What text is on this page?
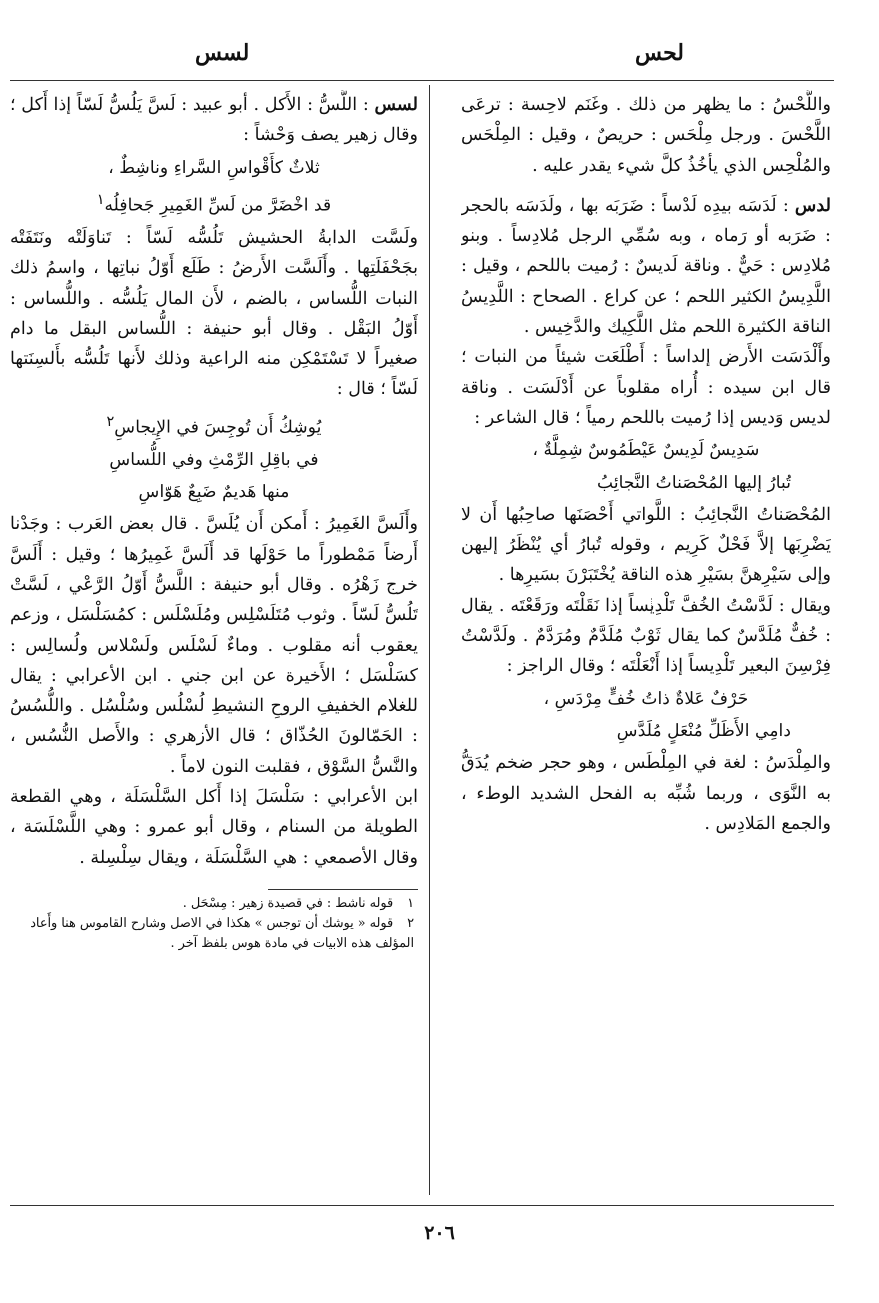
لحس
لسس

واللَّحْسُ : ما يظهر من ذلك . وغَنَم لاحِسة : ترعَى اللَّحْسَ . ورجل مِلْحَس : حريصٌ ، وقيل : المِلْحَس والمُلْحِس الذي يأخُذُ كلَّ شيء يقدر عليه .

لدس : لَدَسَه بيدِه لَدْساً : ضَرَبَه بها ، ولَدَسَه بالحجر : ضَرَبه أو رَماه ، وبه سُمِّي الرجل مُلادِساً . وبنو مُلادِس : حَيٌّ . وناقة لَديسٌ : رُميت باللحم ، وقيل : اللَّدِيسُ الكثير اللحم ؛ عن كراع . الصحاح : اللَّدِيسُ الناقة الكثيرة اللحم مثل اللَّكِيك والدَّخِيس .

وأَلْدَسَت الأَرض إلداساً : أَطْلَعَت شيئاً من النبات ؛ قال ابن سيده : أُراه مقلوباً عن أَدْلَسَت . وناقة لديس وَديس إذا رُميت باللحم رمياً ؛ قال الشاعر :

سَدِيسٌ لَدِيسٌ عَيْطَمُوسٌ شِمِلَّةٌ ،
تُبارُ إليها المُحْصَناتُ النَّجائِبُ

المُحْصَناتُ النَّجائِبُ : اللَّواتي أَحْصَنَها صاحِبُها أَن لا يَضْرِبَها إلاَّ فَحْلٌ كَرِيم ، وقوله تُبارُ أي يُنْظَرُ إليهن وإلى سَيْرِهنَّ بسَيْرِ هذه الناقة يُخْتَبَرْنَ بسَيرِها .

ويقال : لَدَّسْتُ الخُفَّ تَلْدِيساً إذا نَقَلْتَه ورَقَعْتَه . يقال : خُفٌّ مُلَدَّسٌ كما يقال ثَوْبٌ مُلَدَّمٌ ومُرَدَّمٌ . ولَدَّسْتُ فِرْسِنَ البعير تَلْدِيساً إذا أَنْعَلْتَه ؛ وقال الراجز :

حَرْفٌ عَلاةٌ ذاتُ خُفٍّ مِرْدَسِ ،
دامِي الأَظَلِّ مُنْعَلٍ مُلَدَّسِ

والمِلْدَسُ : لغة في المِلْطَس ، وهو حجر ضخم يُدَقُّ به النَّوَى ، وربما شُبِّه به الفحل الشديد الوطء ، والجمع المَلادِس .

لسس : اللَّسُّ : الأَكل . أبو عبيد : لَسَّ يَلُسُّ لَسّاً إذا أَكل ؛ وقال زهير يصف وَحْشاً :

ثلاثٌ كأَقْواسِ السَّراءِ وناشِطٌ ،
قد اخْضَرَّ من لَسِّ الغَمِيرِ جَحافِلُه$^١$

ولَسَّت الدابةُ الحشيش تَلُسُّه لَسّاً : تَناوَلَتْه ونَتَفَتْه بجَحْفَلَتِها . وأَلَسَّت الأَرضُ : طَلَع أَوّلُ نباتِها ، واسمُ ذلك النبات اللُّساس ، بالضم ، لأَن المال يَلُسُّه . واللُّساس : أَوّلُ البَقْل . وقال أبو حنيفة : اللُّساس البقل ما دام صغيراً لا تَسْتَمْكِن منه الراعية وذلك لأَنها تَلُسُّه بأَلسِنَتها لَسّاً ؛ قال :

يُوشِكُ أَن تُوجِسَ في الإِيجاسِ$^٢$
في باقِلِ الرِّمْثِ وفي اللُّساسِ
منها هَديمٌ ضَبِعٌ هَوّاسِ

وأَلَسَّ الغَمِيرُ : أَمكن أَن يُلَسَّ . قال بعض العَرب : وجَدْنا أَرضاً مَمْطوراً ما حَوْلَها قد أَلَسَّ غَمِيرُها ؛ وقيل : أَلَسَّ خرج زَهْرُه . وقال أبو حنيفة : اللَّسُّ أَوّلُ الرَّعْي ، لَسَّتْ تَلُسُّ لَسّاً . وثوب مُتَلَسْلِس ومُلَسْلَس : كمُسَلْسَل ، وزعم يعقوب أنه مقلوب . وماءٌ لَسْلَس ولَسْلاس ولُسالِس : كسَلْسَل ؛ الأَخيرة عن ابن جني . ابن الأعرابي : يقال للغلام الخفيفِ الروحِ النشيطِ لُسْلُس وسُلْسُل . واللُّسُسُ : الحَمّالونَ الحُذّاق ؛ قال الأزهري : والأَصل النُّسُس ، والنَّسُّ السَّوْق ، فقلبت النون لاماً .

ابن الأعرابي : سَلْسَلَ إذا أَكل السَّلْسَلَة ، وهي القطعة الطويلة من السنام ، وقال أبو عمرو : وهي اللَّسْلَسَة ، وقال الأصمعي : هي السَّلْسَلَة ، ويقال سِلْسِلة .

١قوله ناشط : في قصيدة زهير : مِسْحَل .

٢قوله « يوشك أن توجس » هكذا في الاصل وشارح القاموس هنا وأَعاد المؤلف هذه الابيات في مادة هوس بلفظ آخر .

٢٠٦
